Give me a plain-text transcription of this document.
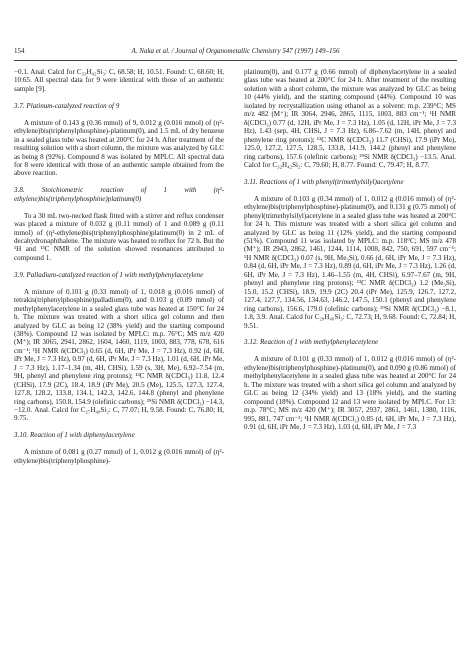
154	A. Naka et al. / Journal of Organometallic Chemistry 547 (1997) 149–156

−0.1. Anal. Calcd for C₃₃H₄₂Si₃: C, 68.58; H, 10.51. Found: C, 68.60; H, 10.65. All spectral data for 9 were identical with those of an authentic sample [9].

3.7. Platinum-catalyzed reaction of 9

A mixture of 0.143 g (0.36 mmol) of 9, 0.012 g (0.016 mmol) of (η²-ethylene)bis(triphenylphosphine)-platinum(0), and 1.5 mL of dry benzene in a sealed glass tube was heated at 200°C for 24 h. After treatment of the resulting solution with a short column, the mixture was analyzed by GLC as being 8 (92%). Compound 8 was isolated by MPLC. All spectral data for 8 were identical with those of an authentic sample obtained from the above reaction.

3.8. Stoichiometric reaction of 1 with (η²-ethylene)bis(triphenylphosphine)platinum(0)

To a 30 mL two-necked flask fitted with a stirrer and reflux condenser was placed a mixture of 0.032 g (0.11 mmol) of 1 and 0.089 g (0.11 mmol) of (η²-ethylene)bis(triphenylphosphine)platinum(0) in 2 mL of decahydronaphthalene. The mixture was heated to reflux for 72 h. But the ¹H and ¹³C NMR of the solution showed resonances attributed to compound 1.

3.9. Palladium-catalyzed reaction of 1 with methylphenylacetylene

A mixture of 0.101 g (0.33 mmol) of 1, 0.018 g (0.016 mmol) of tetrakis(triphenylphosphine)palladium(0), and 0.103 g (0.89 mmol) of methylphenylacetylene in a sealed glass tube was heated at 150°C for 24 h. The mixture was treated with a short silica gel column and then analyzed by GLC as being 12 (38% yield) and the starting compound (38%). Compound 12 was isolated by MPLC: m.p. 76°C; MS m/z 420 (M⁺); IR 3065, 2941, 2862, 1604, 1460, 1119, 1003, 883, 778, 678, 616 cm⁻¹; ¹H NMR δ(CDCl₃) 0.65 (d, 6H, iPr Me, J = 7.3 Hz), 0.92 (d, 6H, iPr Me, J = 7.3 Hz), 0.97 (d, 6H, iPr Me, J = 7.3 Hz), 1.01 (d, 6H, iPr Me, J = 7.3 Hz), 1.17–1.34 (m, 4H, CHSi), 1.59 (s, 3H, Me), 6.92–7.54 (m, 9H, phenyl and phenylene ring protons); ¹³C NMR δ(CDCl₃) 11.8, 12.4 (CHSi), 17.9 (2C), 18.4, 18.9 (iPr Me), 20.5 (Me), 125.5, 127.3, 127.4, 127.8, 128.2, 133.8, 134.1, 142.3, 142.6, 144.8 (phenyl and phenylene ring carbons), 150.8, 154.9 (olefinic carbons); ²⁹Si NMR δ(CDCl₃) −14.3, −12.0. Anal. Calcd for C₂₇H₄₀Si₂: C, 77.07; H, 9.58. Found: C, 76.80; H, 9.75.

3.10. Reaction of 1 with diphenylacetylene

A mixture of 0.081 g (0.27 mmol) of 1, 0.012 g (0.016 mmol) of (η²-ethylene)bis(triphenylphosphine)-

platinum(0), and 0.177 g (0.66 mmol) of diphenylacetylene in a sealed glass tube was heated at 200°C for 24 h. After treatment of the resulting solution with a short column, the mixture was analyzed by GLC as being 10 (44% yield), and the starting compound (44%). Compound 10 was isolated by recrystallization using ethanol as a solvent: m.p. 239°C; MS m/z 482 (M⁺); IR 3064, 2946, 2865, 1115, 1003, 883 cm⁻¹; ¹H NMR δ(CDCl₃) 0.77 (d, 12H, iPr Me, J = 7.3 Hz), 1.05 (d, 12H, iPr Me, J = 7.3 Hz), 1.43 (sep, 4H, CHSi, J = 7.3 Hz), 6.86–7.62 (m, 14H, phenyl and phenylene ring protons); ¹³C NMR δ(CDCl₃) 11.7 (CHSi), 17.9 (iPr Me), 125.0, 127.2, 127.5, 128.5, 133.8, 141.9, 144.2 (phenyl and phenylene ring carbons), 157.6 (olefinic carbons); ²⁹Si NMR δ(CDCl₃) −13.5. Anal. Calcd for C₃₂H₄₂Si₂: C, 79.60; H, 8.77. Found: C, 79.47; H, 8.77.

3.11. Reactions of 1 with phenyl(trimethylsilyl)acetylene

A mixture of 0.103 g (0.34 mmol) of 1, 0.012 g (0.016 mmol) of (η²-ethylene)bis(triphenylphosphine)-platinum(0), and 0.131 g (0.75 mmol) of phenyl(trimethylsilyl)acetylene in a sealed glass tube was heated at 200°C for 24 h. This mixture was treated with a short silica gel column and analyzed by GLC as being 11 (12% yield), and the starting compound (51%). Compound 11 was isolated by MPLC: m.p. 118°C; MS m/z 478 (M⁺); IR 2943, 2862, 1461, 1244, 1114, 1008, 842, 750, 691, 597 cm⁻¹; ¹H NMR δ(CDCl₃) 0.07 (s, 9H, Me₃Si), 0.66 (d, 6H, iPr Me, J = 7.3 Hz), 0.84 (d, 6H, iPr Me, J = 7.3 Hz), 0.89 (d, 6H, iPr Me, J = 7.3 Hz), 1.26 (d, 6H, iPr Me, J = 7.3 Hz), 1.46–1.55 (m, 4H, CHSi), 6.97–7.67 (m, 9H, phenyl and phenylene ring protons); ¹³C NMR δ(CDCl₃) 1.2 (Me₃Si), 15.0, 15.2 (CHSi), 18.9, 19.9 (2C) 20.4 (iPr Me), 125.9, 126.7, 127.2, 127.4, 127.7, 134.56, 134.63, 146.2, 147.5, 150.1 (phenyl and phenylene ring carbons), 156.6, 179.0 (olefinic carbons); ²⁹Si NMR δ(CDCl₃) −8.1, 1.8, 3.9. Anal. Calcd for C₂₉H₄₆Si₃: C, 72.73; H, 9.68. Found: C, 72.84; H, 9.51.

3.12. Reaction of 1 with methylphenylacetylene

A mixture of 0.101 g (0.33 mmol) of 1, 0.012 g (0.016 mmol) of (η²-ethylene)bis(triphenylphosphine)-platinum(0), and 0.090 g (0.86 mmol) of methylphenylacetylene in a sealed glass tube was heated at 200°C for 24 h. The mixture was treated with a short silica gel column and analyzed by GLC as being 12 (34% yield) and 13 (18% yield), and the starting compound (18%). Compound 12 and 13 were isolated by MPLC. For 13: m.p. 78°C; MS m/z 420 (M⁺); IR 3057, 2937, 2861, 1461, 1380, 1116, 995, 881, 747 cm⁻¹; ¹H NMR δ(CDCl₃) 0.85 (d, 6H, iPr Me, J = 7.3 Hz), 0.91 (d, 6H, iPr Me, J = 7.3 Hz), 1.03 (d, 6H, iPr Me, J = 7.3
